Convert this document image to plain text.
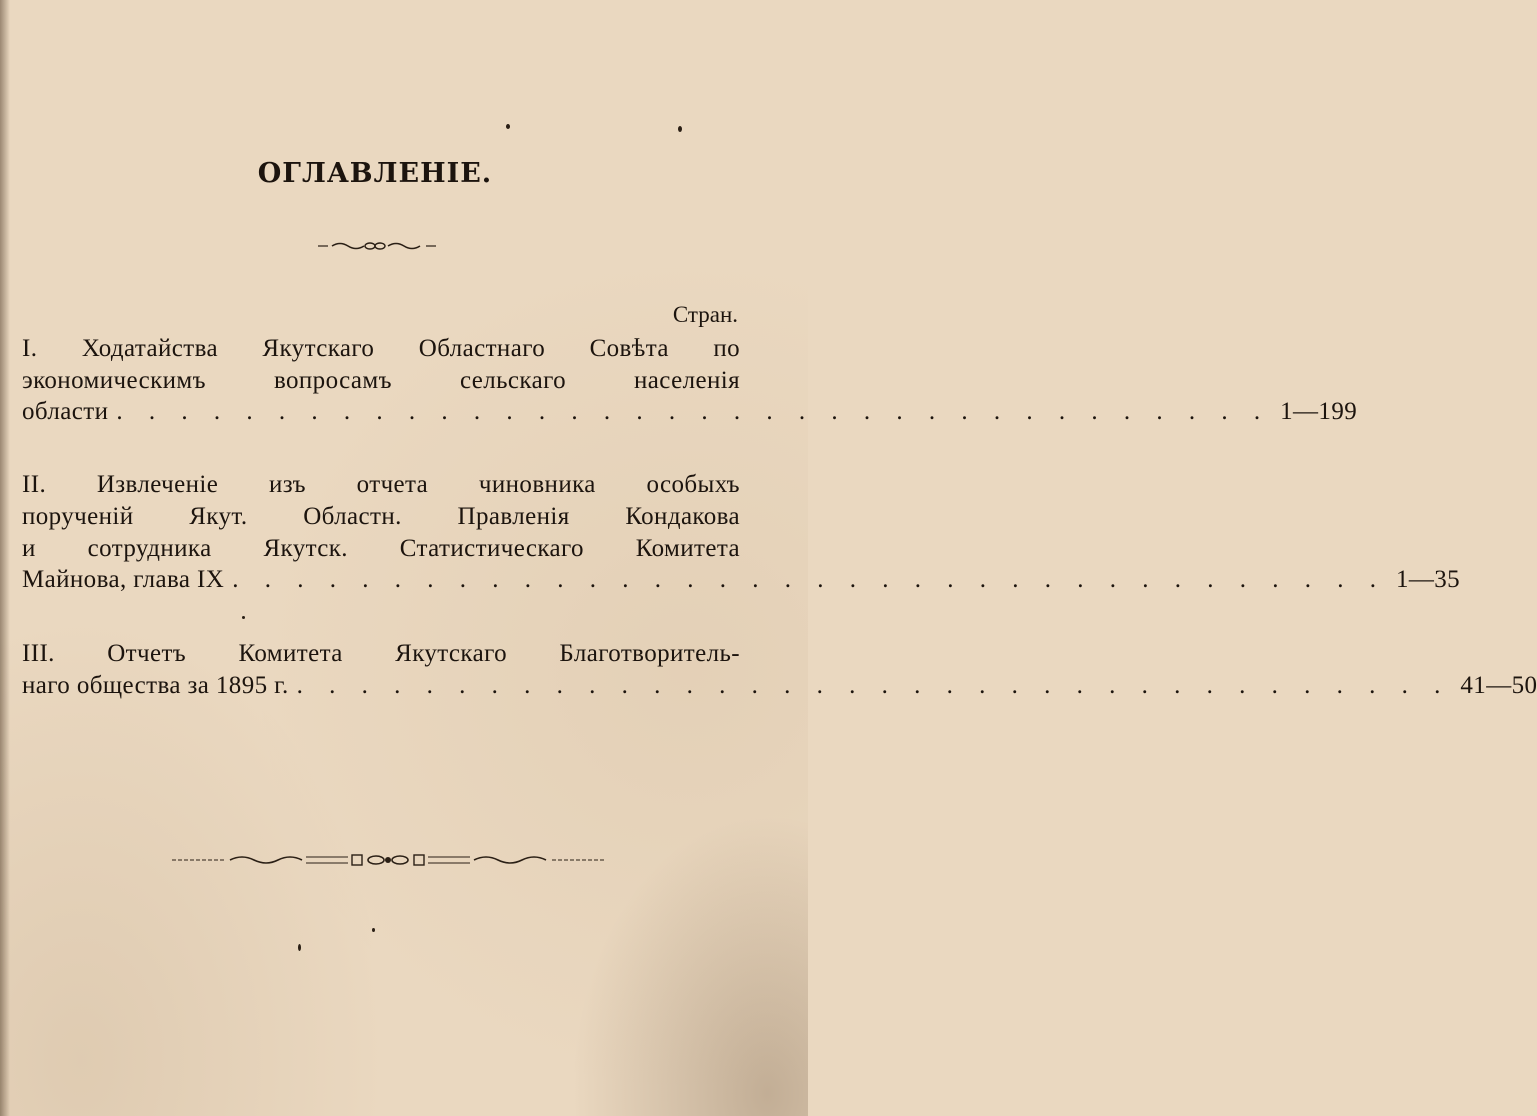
ОГЛАВЛЕНІЕ.
Стран.
I. Ходатайства Якутскаго Областнаго Совѣта по
экономическимъ вопросамъ сельскаго населенія
области . . . . . . . . . . . . . . . . . . . . . . . . . . . . . . . . . . . . 1—199
II. Извлеченіе изъ отчета чиновника особыхъ
порученій Якут. Областн. Правленія Кондакова
и сотрудника Якутск. Статистическаго Комитета
Майнова, глава IX . . . . . . . . . . . . . . . . . . . . . . . . . . . . . . . . . . . . 1—35
III. Отчетъ Комитета Якутскаго Благотворитель-
наго общества за 1895 г. . . . . . . . . . . . . . . . . . . . . . . . . . . . . . . . . . . . . 41—50
